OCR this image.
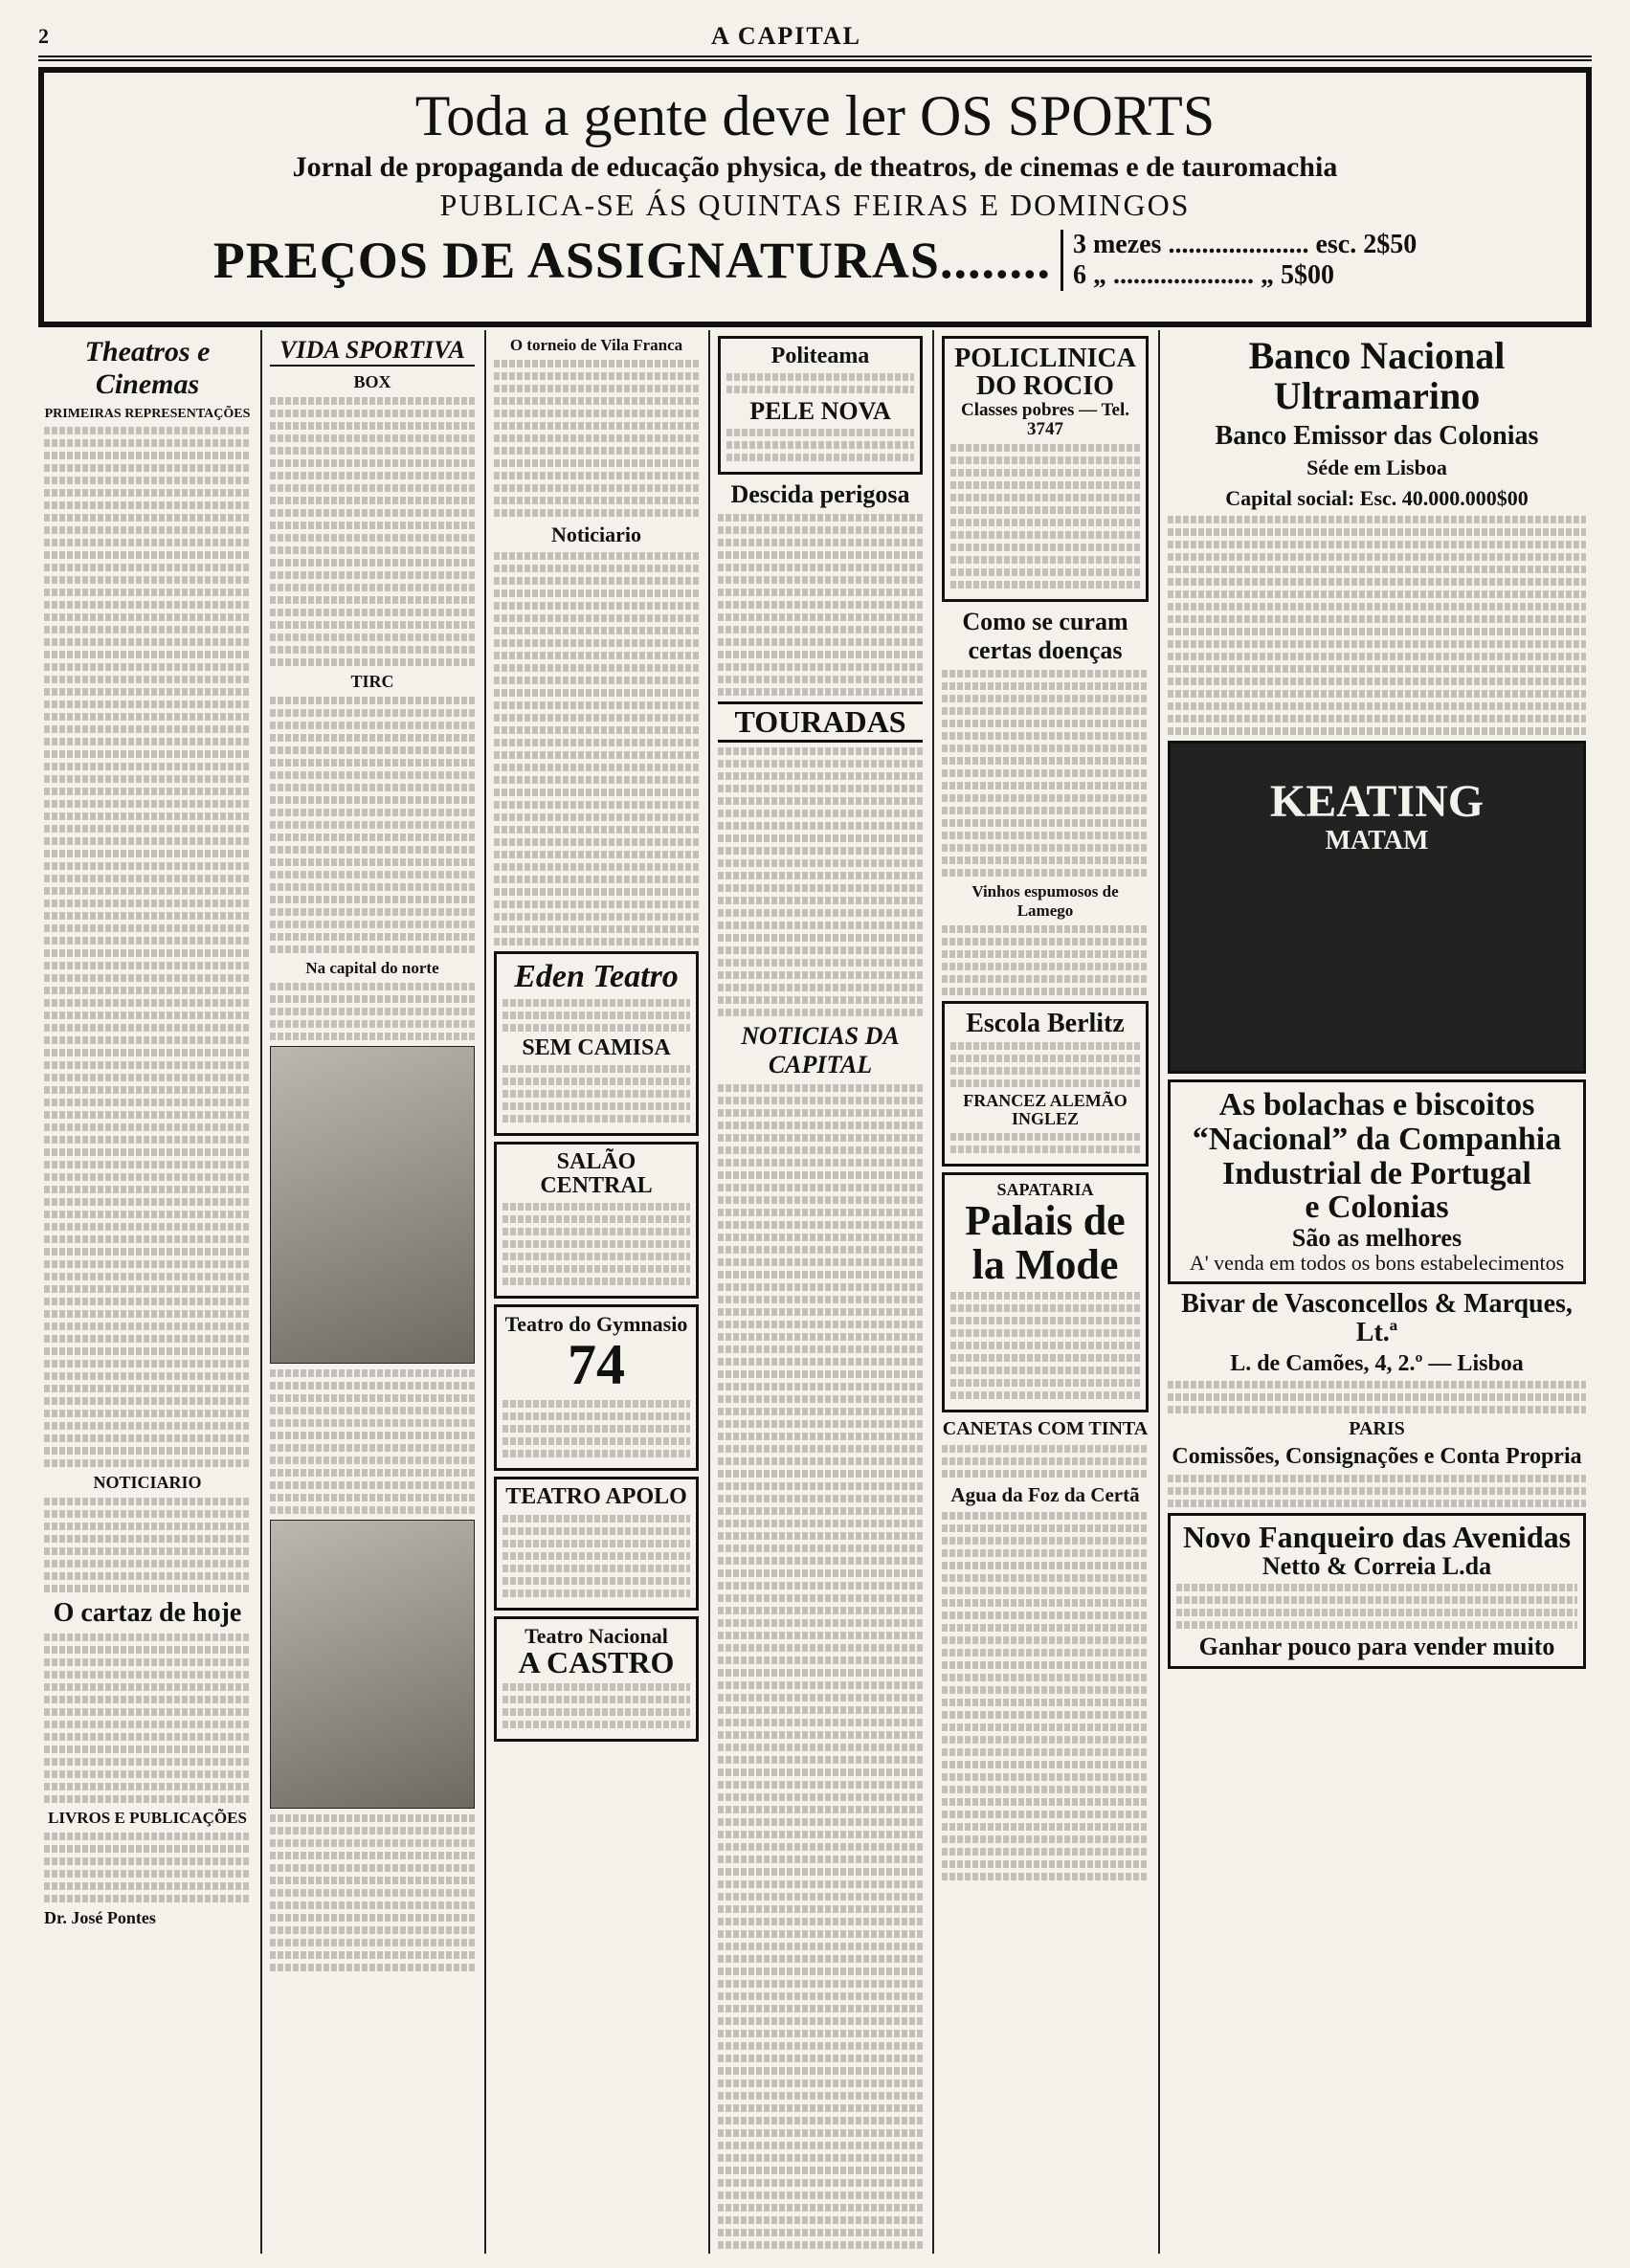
2	A CAPITAL
Toda a gente deve ler OS SPORTS
Jornal de propaganda de educação physica, de theatros, de cinemas e de tauromachia
PUBLICA-SE ÁS QUINTAS FEIRAS E DOMINGOS
PREÇOS DE ASSIGNATURAS........ 3 mezes ..................... esc. 2$50
6 „ ..................... „ 5$00
Theatros e Cinemas
PRIMEIRAS REPRESENTAÇÕES
NOTICIARIO
O cartaz de hoje
LIVROS E PUBLICAÇÕES
Dr. José Pontes
VIDA SPORTIVA
BOX
TIRC
Na capital do norte
O torneio de Vila Franca
Noticiario
Eden Teatro
SEM CAMISA
SALÃO CENTRAL
Teatro do Gymnasio
74
TEATRO APOLO
Teatro Nacional
A CASTRO
Politeama
PELE NOVA
Descida perigosa
TOURADAS
NOTICIAS DA CAPITAL
POLICLINICA DO ROCIO
Classes pobres — Tel. 3747
Como se curam certas doenças
Vinhos espumosos de Lamego
Escola Berlitz
FRANCEZ ALEMÃO INGLEZ
SAPATARIA
Palais de la Mode
CANETAS COM TINTA
Agua da Foz da Certã
Banco Nacional Ultramarino
Banco Emissor das Colonias
Séde em Lisboa
Capital social: Esc. 40.000.000$00
KEATING
MATAM
As bolachas e biscoitos
“Nacional” da Companhia
Industrial de Portugal
e Colonias
São as melhores
A' venda em todos os bons estabelecimentos
Bivar de Vasconcellos & Marques, Lt.ª
L. de Camões, 4, 2.º — Lisboa
PARIS
Comissões, Consignações e Conta Propria
Novo Fanqueiro das Avenidas
Netto & Correia L.da
Ganhar pouco para vender muito
